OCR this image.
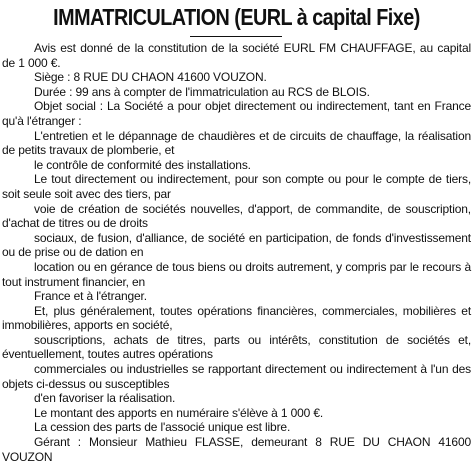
IMMATRICULATION (EURL à capital Fixe)

Avis est donné de la constitution de la société EURL FM CHAUFFAGE, au capital de 1 000 €.

Siège : 8 RUE DU CHAON 41600 VOUZON.

Durée : 99 ans à compter de l'immatriculation au RCS de BLOIS.

Objet social : La Société a pour objet directement ou indirectement, tant en France qu'à l'étranger :

L'entretien et le dépannage de chaudières et de circuits de chauffage, la réalisation de petits travaux de plomberie, et

le contrôle de conformité des installations.

Le tout directement ou indirectement, pour son compte ou pour le compte de tiers, soit seule soit avec des tiers, par

voie de création de sociétés nouvelles, d'apport, de commandite, de souscription, d'achat de titres ou de droits

sociaux, de fusion, d'alliance, de société en participation, de fonds d'investissement ou de prise ou de dation en

location ou en gérance de tous biens ou droits autrement, y compris par le recours à tout instrument financier, en

France et à l'étranger.

Et, plus généralement, toutes opérations financières, commerciales, mobilières et immobilières, apports en société,

souscriptions, achats de titres, parts ou intérêts, constitution de sociétés et, éventuellement, toutes autres opérations

commerciales ou industrielles se rapportant directement ou indirectement à l'un des objets ci-dessus ou susceptibles

d'en favoriser la réalisation.

Le montant des apports en numéraire s'élève à 1 000 €.

La cession des parts de l'associé unique est libre.

Gérant : Monsieur Mathieu FLASSE, demeurant 8 RUE DU CHAON 41600 VOUZON
